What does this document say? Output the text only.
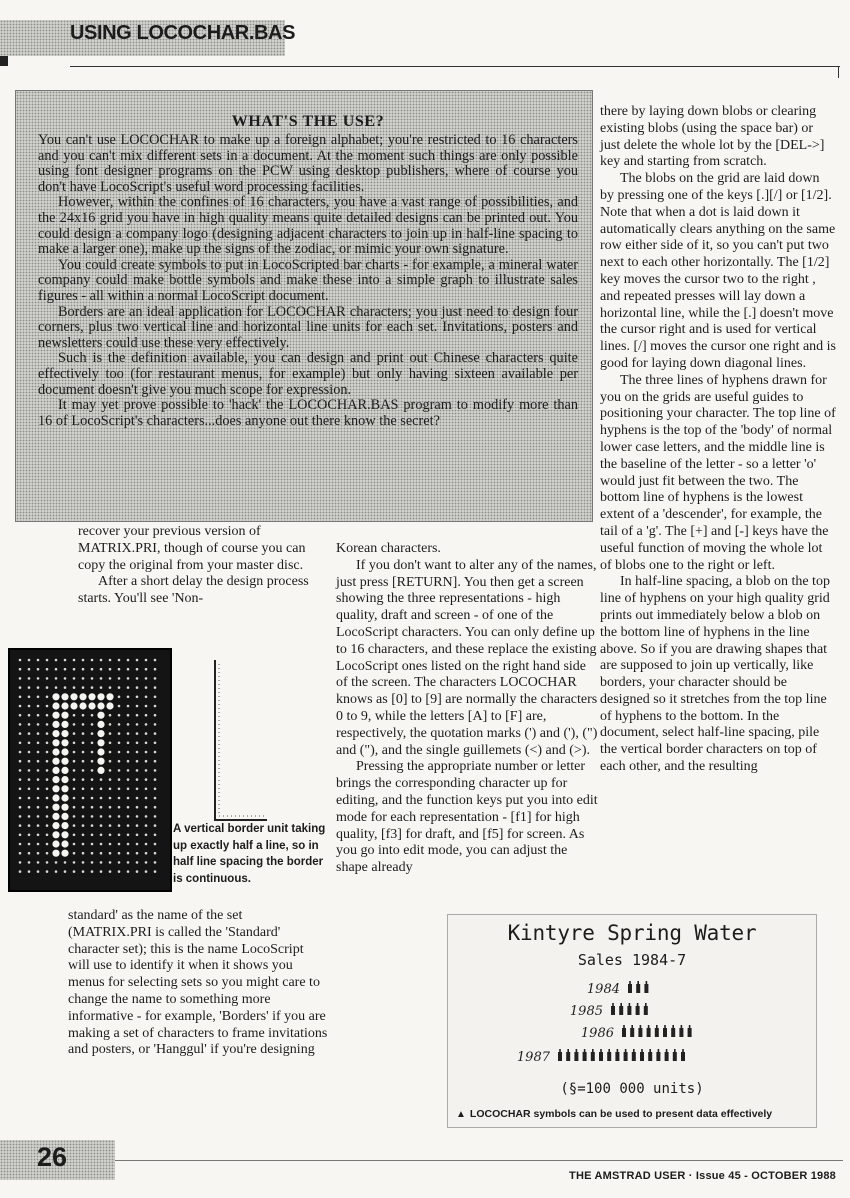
USING LOCOCHAR.BAS
WHAT'S THE USE?

You can't use LOCOCHAR to make up a foreign alphabet; you're restricted to 16 characters and you can't mix different sets in a document. At the moment such things are only possible using font designer programs on the PCW using desktop publishers, where of course you don't have LocoScript's useful word processing facilities.

However, within the confines of 16 characters, you have a vast range of possibilities, and the 24x16 grid you have in high quality means quite detailed designs can be printed out. You could design a company logo (designing adjacent characters to join up in half-line spacing to make a larger one), make up the signs of the zodiac, or mimic your own signature.

You could create symbols to put in LocoScripted bar charts - for example, a mineral water company could make bottle symbols and make these into a simple graph to illustrate sales figures - all within a normal LocoScript document.

Borders are an ideal application for LOCOCHAR characters; you just need to design four corners, plus two vertical line and horizontal line units for each set. Invitations, posters and newsletters could use these very effectively.

Such is the definition available, you can design and print out Chinese characters quite effectively too (for restaurant menus, for example) but only having sixteen available per document doesn't give you much scope for expression.

It may yet prove possible to 'hack' the LOCOCHAR.BAS program to modify more than 16 of LocoScript's characters...does anyone out there know the secret?

there by laying down blobs or clearing existing blobs (using the space bar) or just delete the whole lot by the [DEL->] key and starting from scratch.

The blobs on the grid are laid down by pressing one of the keys [.][/] or [1/2]. Note that when a dot is laid down it automatically clears anything on the same row either side of it, so you can't put two next to each other horizontally. The [1/2] key moves the cursor two to the right , and repeated presses will lay down a horizontal line, while the [.] doesn't move the cursor right and is used for vertical lines. [/] moves the cursor one right and is good for laying down diagonal lines.

The three lines of hyphens drawn for you on the grids are useful guides to positioning your character. The top line of hyphens is the top of the 'body' of normal lower case letters, and the middle line is the baseline of the letter - so a letter 'o' would just fit between the two. The bottom line of hyphens is the lowest extent of a 'descender', for example, the tail of a 'g'. The [+] and [-] keys have the useful function of moving the whole lot of blobs one to the right or left.

In half-line spacing, a blob on the top line of hyphens on your high quality grid prints out immediately below a blob on the bottom line of hyphens in the line above. So if you are drawing shapes that are supposed to join up vertically, like borders, your character should be designed so it stretches from the top line of hyphens to the bottom. In the document, select half-line spacing, pile the vertical border characters on top of each other, and the resulting

recover your previous version of MATRIX.PRI, though of course you can copy the original from your master disc.

After a short delay the design process starts. You'll see 'Non-

standard' as the name of the set (MATRIX.PRI is called the 'Standard' character set); this is the name LocoScript will use to identify it when it shows you menus for selecting sets so you might care to change the name to something more informative - for example, 'Borders' if you are making a set of characters to frame invitations and posters, or 'Hanggul' if you're designing

Korean characters.

If you don't want to alter any of the names, just press [RETURN]. You then get a screen showing the three representations - high quality, draft and screen - of one of the LocoScript characters. You can only define up to 16 characters, and these replace the existing LocoScript ones listed on the right hand side of the screen. The characters LOCOCHAR knows as [0] to [9] are normally the characters 0 to 9, while the letters [A] to [F] are, respectively, the quotation marks (') and ('), (") and ("), and the single guillemets (<) and (>).

Pressing the appropriate number or letter brings the corresponding character up for editing, and the function keys put you into edit mode for each representation - [f1] for high quality, [f3] for draft, and [f5] for screen. As you go into edit mode, you can adjust the shape already

A vertical border unit taking up exactly half a line, so in half line spacing the border is continuous.
Kintyre Spring Water
Sales 1984-7
1984
1985
1986
1987
(§=100 000 units)
▲ LOCOCHAR symbols can be used to present data effectively
26
THE AMSTRAD USER · Issue 45 - OCTOBER 1988
